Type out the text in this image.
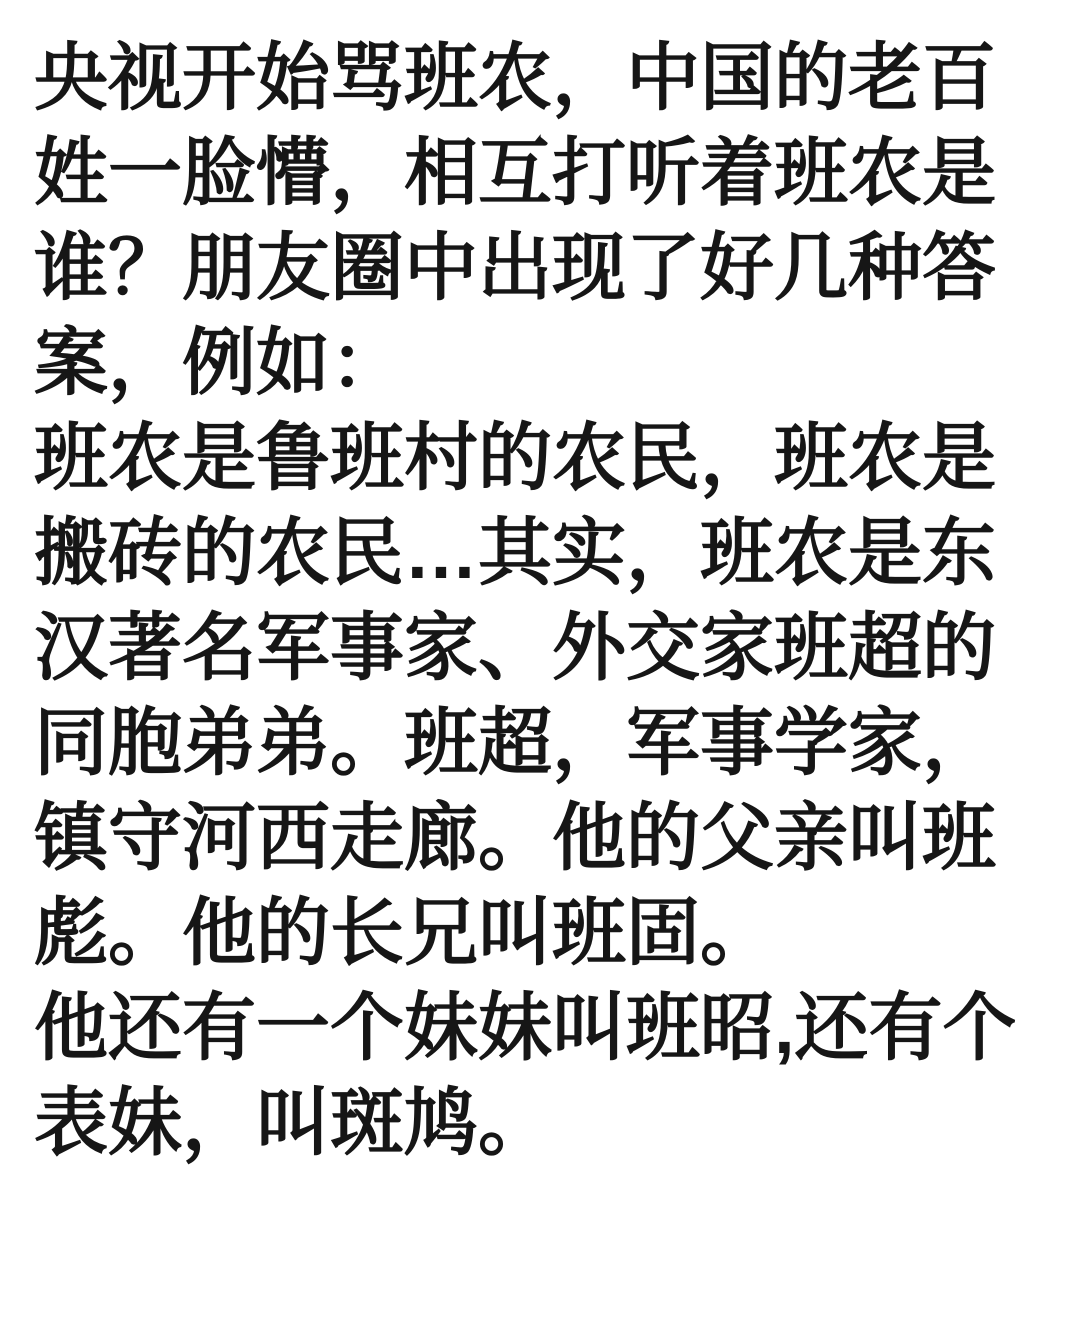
央视开始骂班农，中国的老百姓一脸懵，相互打听着班农是谁？朋友圈中出现了好几种答案，例如：

班农是鲁班村的农民，班农是搬砖的农民…其实，班农是东汉著名军事家、外交家班超的同胞弟弟。班超，军事学家，镇守河西走廊。他的父亲叫班彪。他的长兄叫班固。

他还有一个妹妹叫班昭,还有个表妹，叫斑鸠。
